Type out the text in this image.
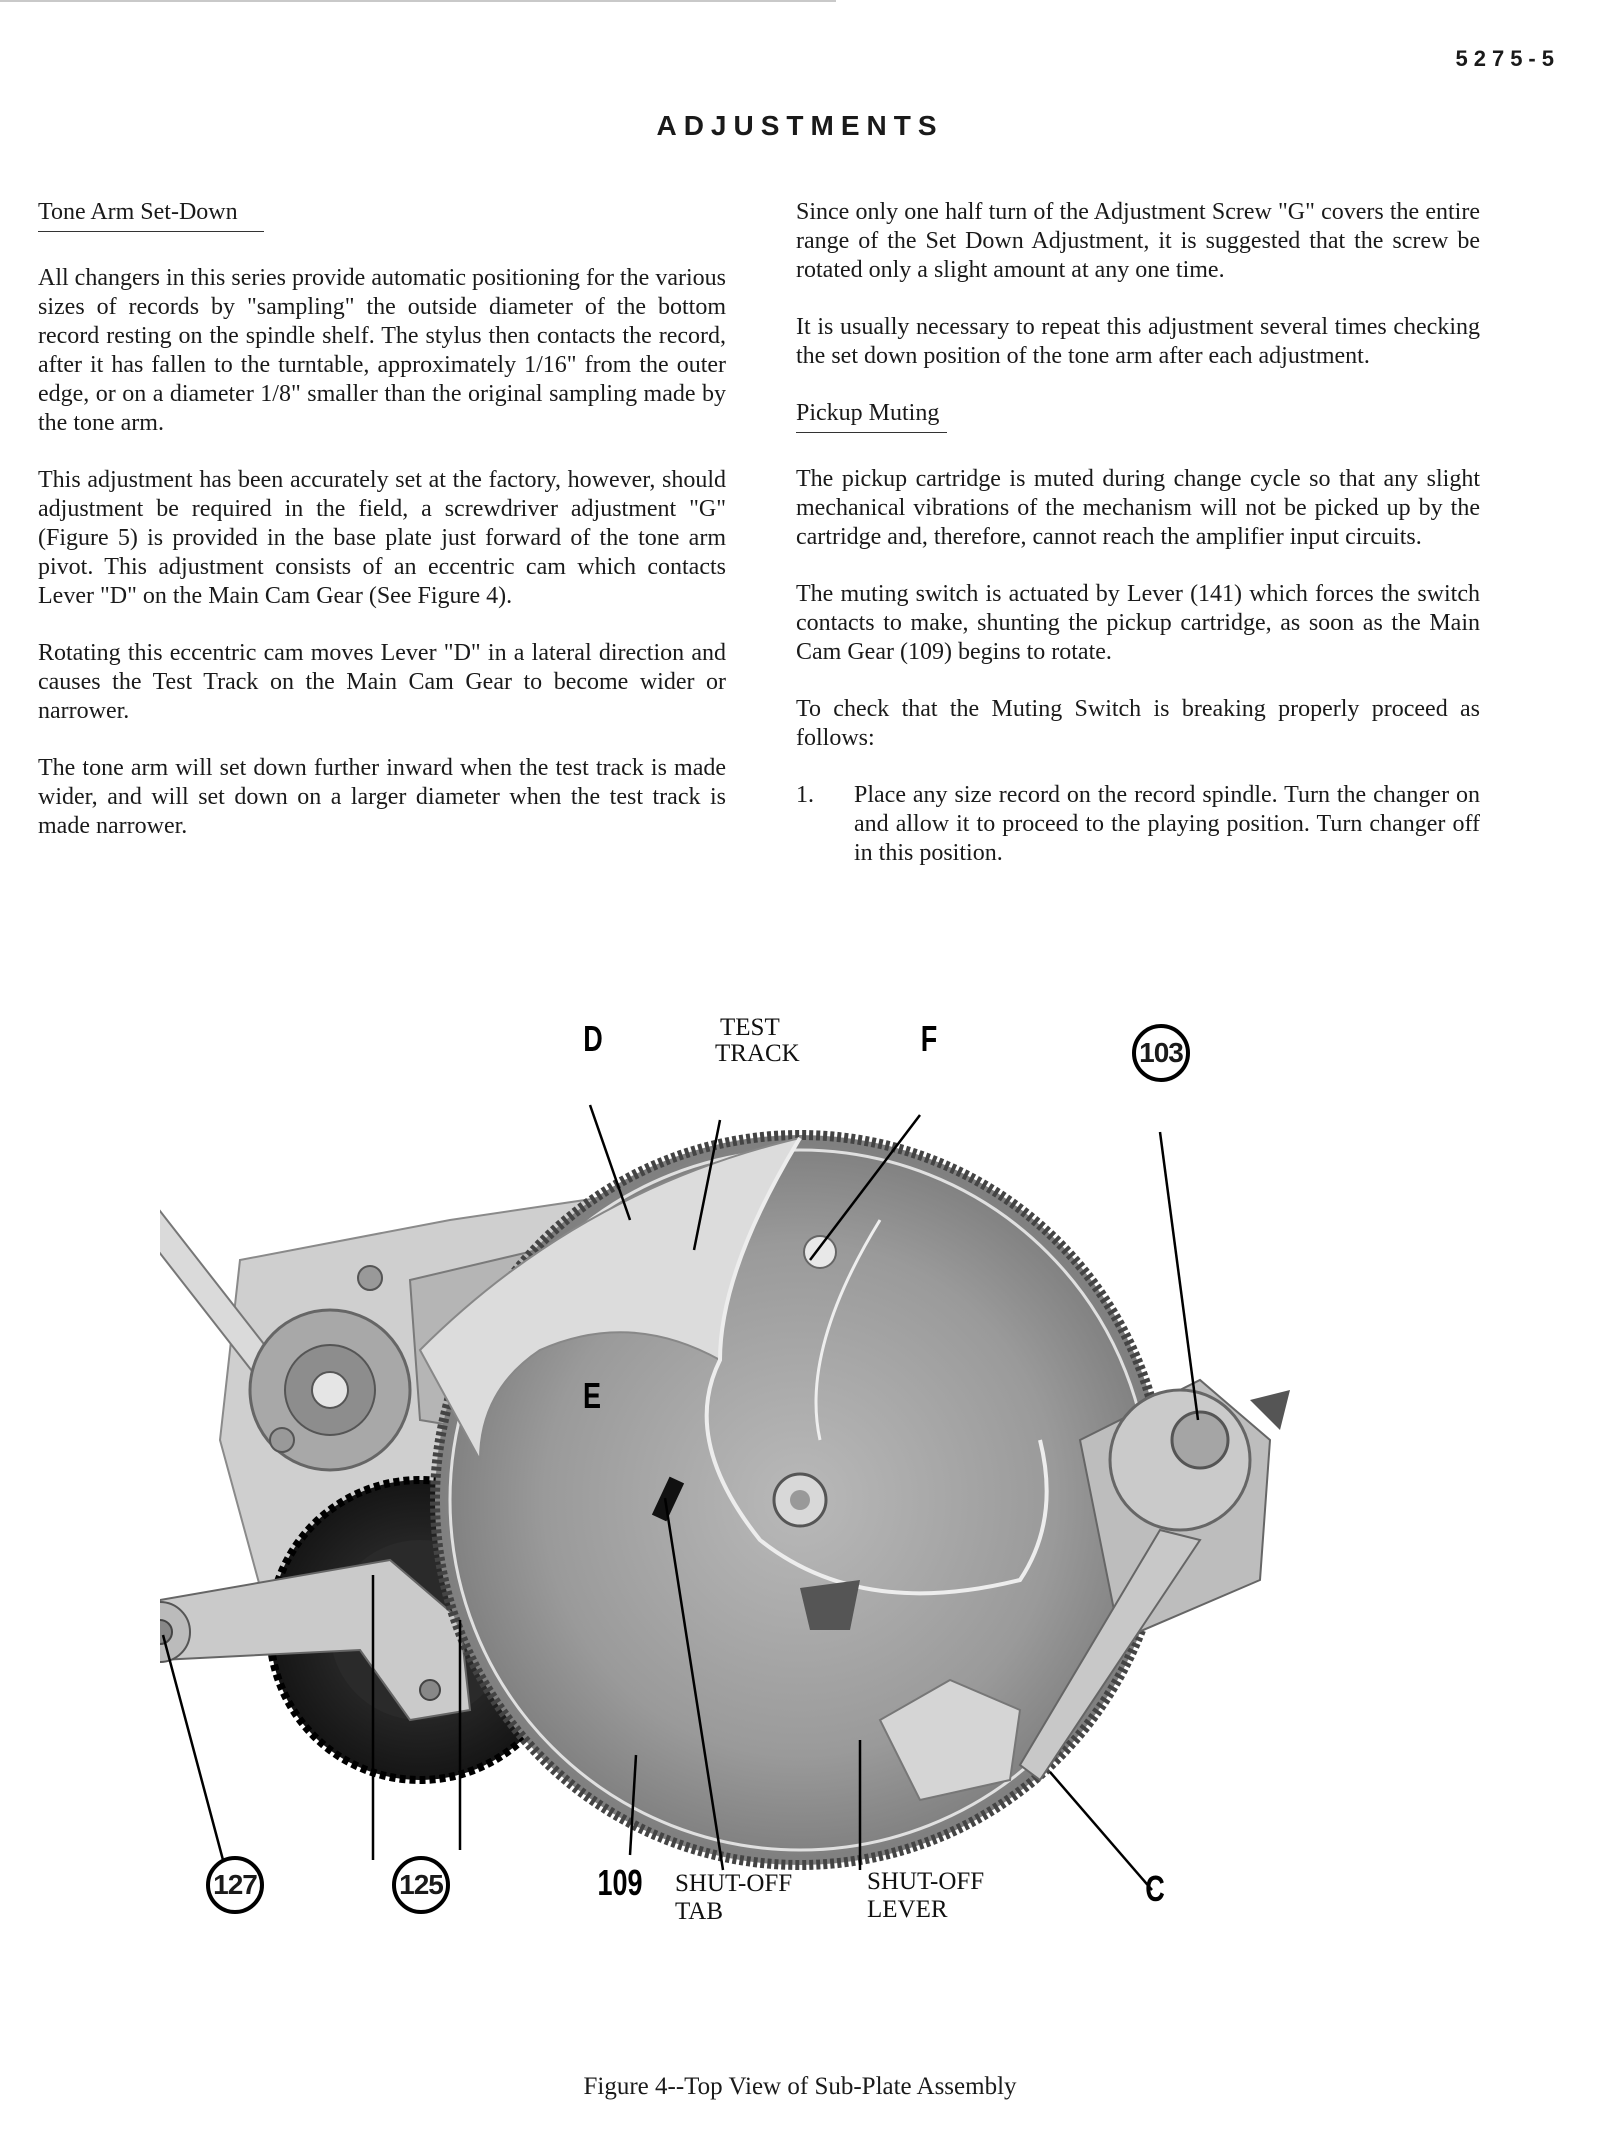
5275-5
ADJUSTMENTS
Tone Arm Set-Down

All changers in this series provide automatic positioning for the various sizes of records by "sampling" the outside diameter of the bottom record resting on the spindle shelf. The stylus then contacts the record, after it has fallen to the turntable, approximately 1/16" from the outer edge, or on a diameter 1/8" smaller than the original sampling made by the tone arm.

This adjustment has been accurately set at the factory, however, should adjustment be required in the field, a screwdriver adjustment "G" (Figure 5) is provided in the base plate just forward of the tone arm pivot. This adjustment consists of an eccentric cam which contacts Lever "D" on the Main Cam Gear (See Figure 4).

Rotating this eccentric cam moves Lever "D" in a lateral direction and causes the Test Track on the Main Cam Gear to become wider or narrower.

The tone arm will set down further inward when the test track is made wider, and will set down on a larger diameter when the test track is made narrower.

Since only one half turn of the Adjustment Screw "G" covers the entire range of the Set Down Adjustment, it is suggested that the screw be rotated only a slight amount at any one time.

It is usually necessary to repeat this adjustment several times checking the set down position of the tone arm after each adjustment.

Pickup Muting

The pickup cartridge is muted during change cycle so that any slight mechanical vibrations of the mechanism will not be picked up by the cartridge and, therefore, cannot reach the amplifier input circuits.

The muting switch is actuated by Lever (141) which forces the switch contacts to make, shunting the pickup cartridge, as soon as the Main Cam Gear (109) begins to rotate.

To check that the Muting Switch is breaking properly proceed as follows:

1.	Place any size record on the record spindle. Turn the changer on and allow it to proceed to the playing position. Turn changer off in this position.
D	TEST
TRACK	F	103
E
127	125	109 SHUT-OFF
TAB
SHUT-OFF
LEVER
C
Figure 4--Top View of Sub-Plate Assembly
